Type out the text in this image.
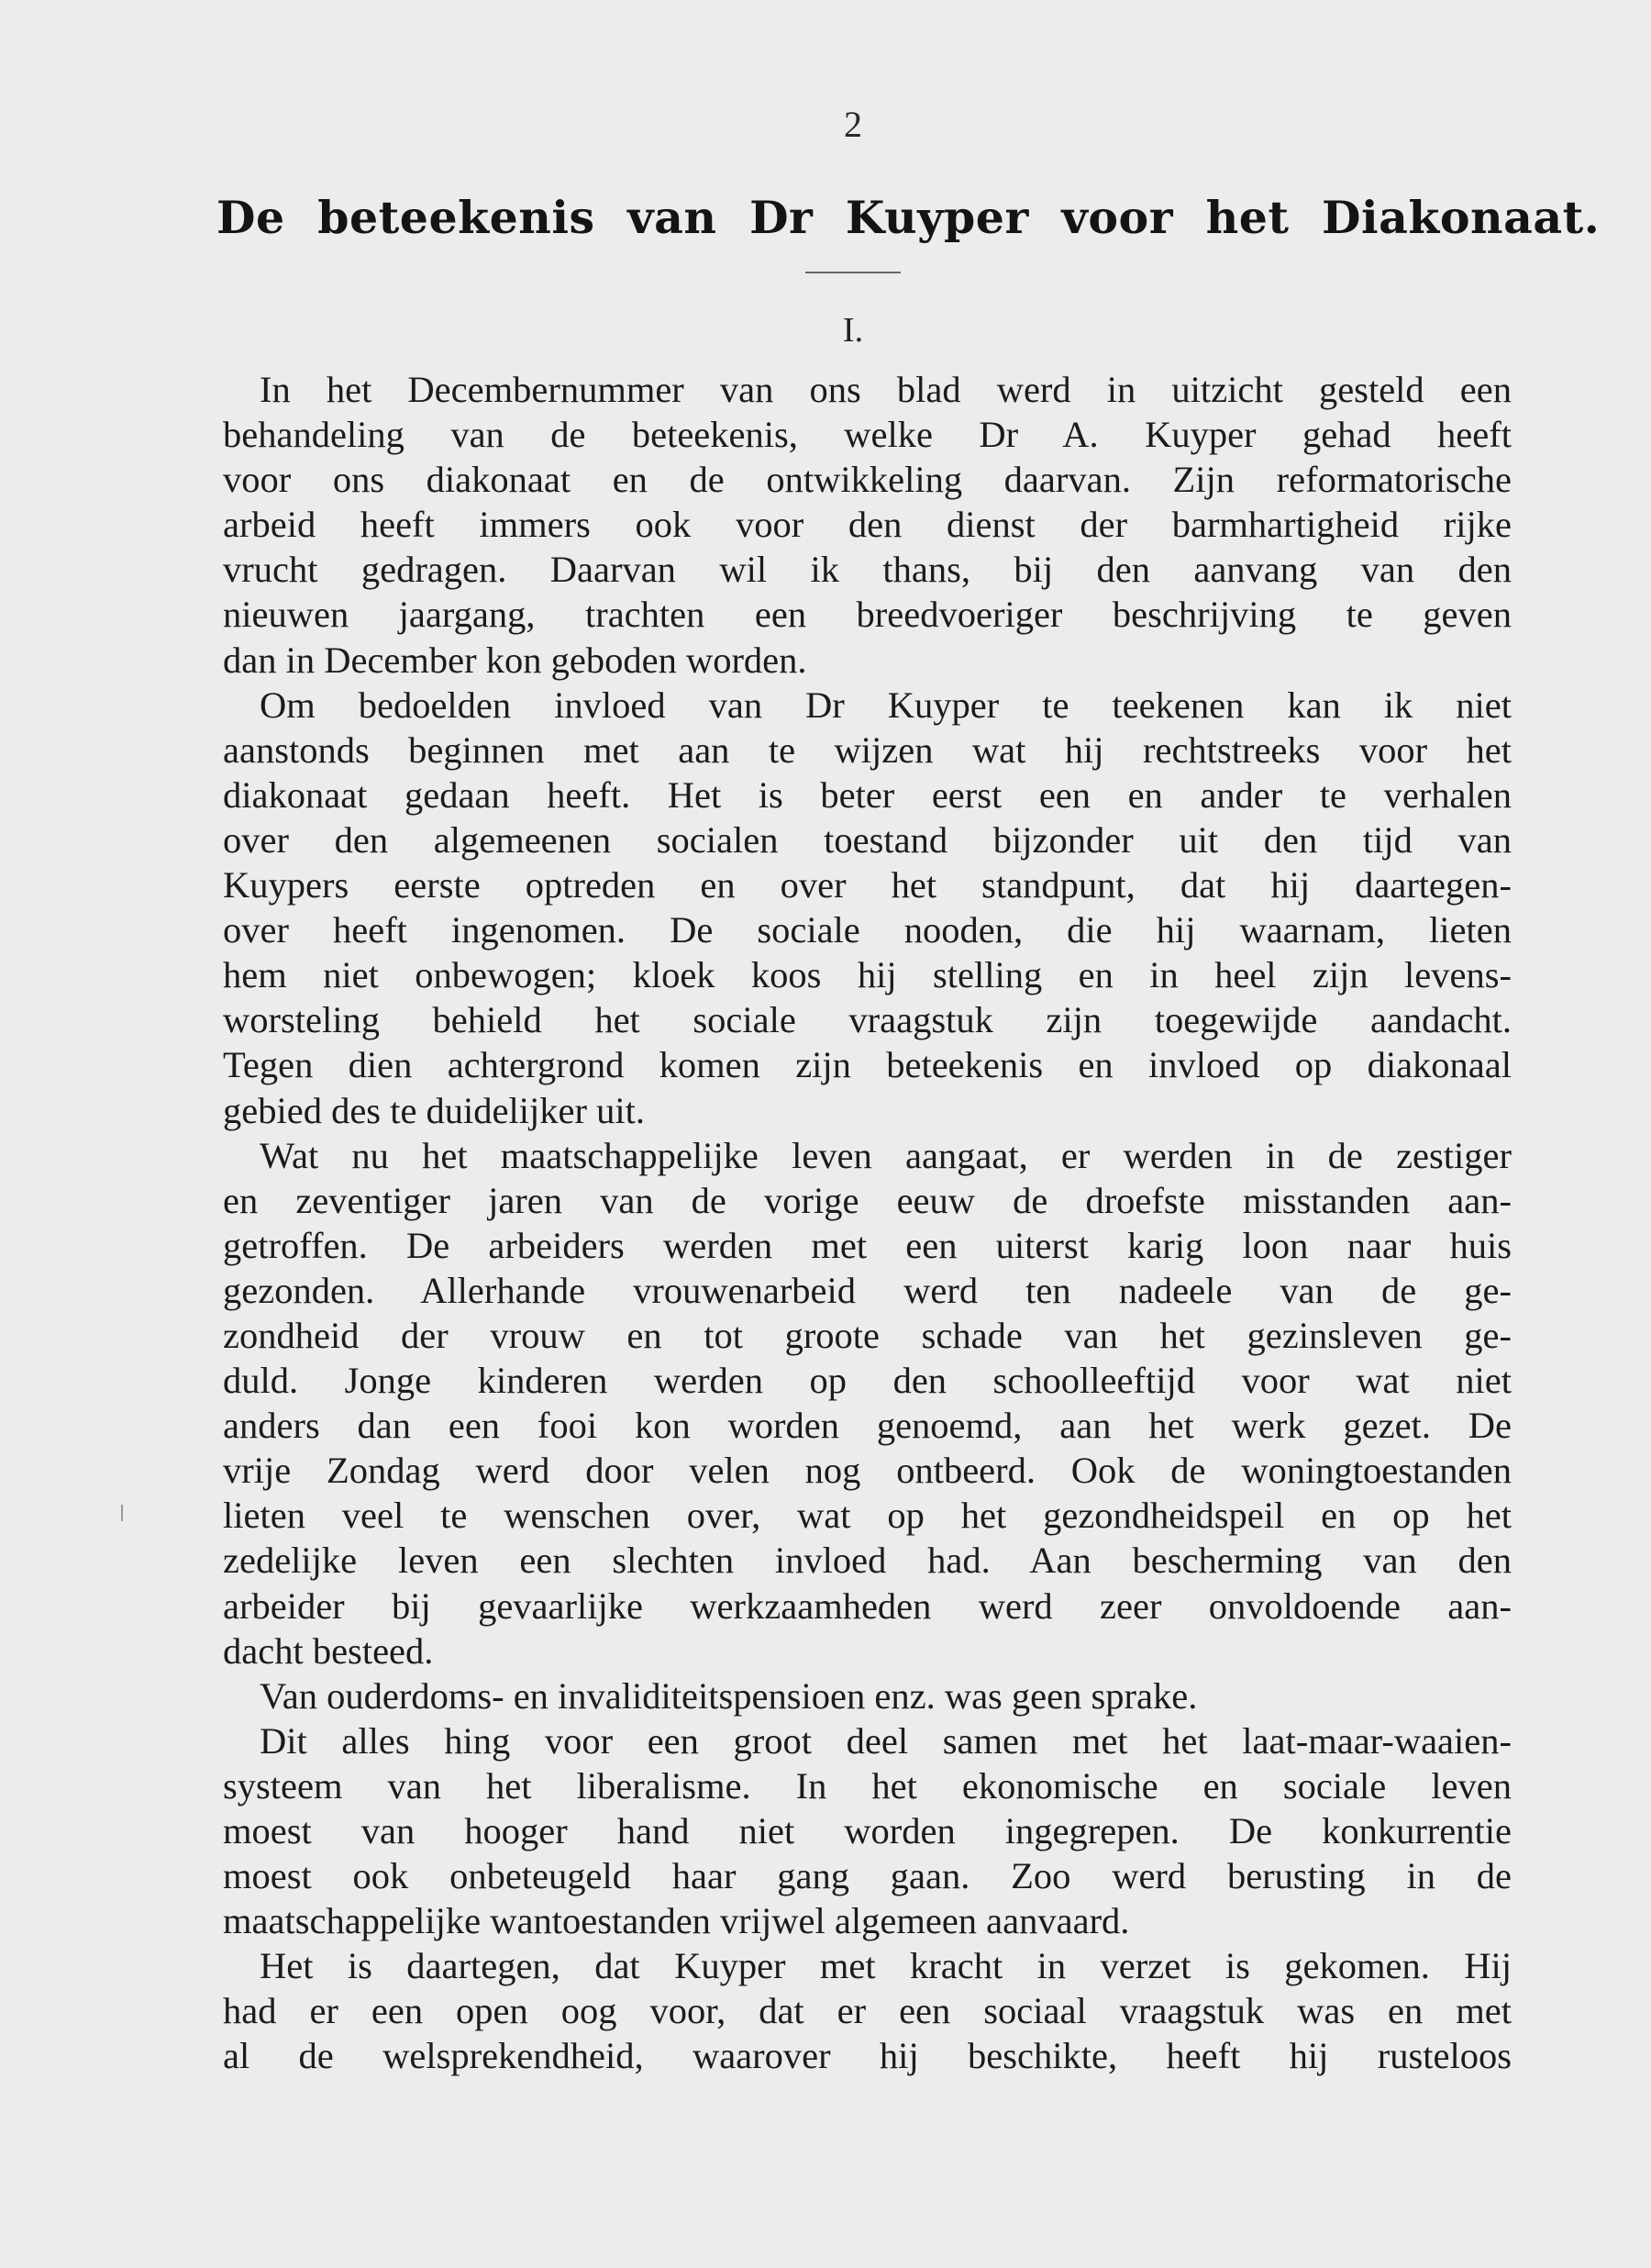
2
De beteekenis van Dr Kuyper voor het Diakonaat.
I.
In het Decembernummer van ons blad werd in uitzicht gesteld een
behandeling van de beteekenis, welke Dr A. Kuyper gehad heeft
voor ons diakonaat en de ontwikkeling daarvan. Zijn reformatorische
arbeid heeft immers ook voor den dienst der barmhartigheid rijke
vrucht gedragen. Daarvan wil ik thans, bij den aanvang van den
nieuwen jaargang, trachten een breedvoeriger beschrijving te geven
dan in December kon geboden worden.
Om bedoelden invloed van Dr Kuyper te teekenen kan ik niet
aanstonds beginnen met aan te wijzen wat hij rechtstreeks voor het
diakonaat gedaan heeft. Het is beter eerst een en ander te verhalen
over den algemeenen socialen toestand bijzonder uit den tijd van
Kuypers eerste optreden en over het standpunt, dat hij daartegen-
over heeft ingenomen. De sociale nooden, die hij waarnam, lieten
hem niet onbewogen; kloek koos hij stelling en in heel zijn levens-
worsteling behield het sociale vraagstuk zijn toegewijde aandacht.
Tegen dien achtergrond komen zijn beteekenis en invloed op diakonaal
gebied des te duidelijker uit.
Wat nu het maatschappelijke leven aangaat, er werden in de zestiger
en zeventiger jaren van de vorige eeuw de droefste misstanden aan-
getroffen. De arbeiders werden met een uiterst karig loon naar huis
gezonden. Allerhande vrouwenarbeid werd ten nadeele van de ge-
zondheid der vrouw en tot groote schade van het gezinsleven ge-
duld. Jonge kinderen werden op den schoolleeftijd voor wat niet
anders dan een fooi kon worden genoemd, aan het werk gezet. De
vrije Zondag werd door velen nog ontbeerd. Ook de woningtoestanden
lieten veel te wenschen over, wat op het gezondheidspeil en op het
zedelijke leven een slechten invloed had. Aan bescherming van den
arbeider bij gevaarlijke werkzaamheden werd zeer onvoldoende aan-
dacht besteed.
Van ouderdoms- en invaliditeitspensioen enz. was geen sprake.
Dit alles hing voor een groot deel samen met het laat-maar-waaien-
systeem van het liberalisme. In het ekonomische en sociale leven
moest van hooger hand niet worden ingegrepen. De konkurrentie
moest ook onbeteugeld haar gang gaan. Zoo werd berusting in de
maatschappelijke wantoestanden vrijwel algemeen aanvaard.
Het is daartegen, dat Kuyper met kracht in verzet is gekomen. Hij
had er een open oog voor, dat er een sociaal vraagstuk was en met
al de welsprekendheid, waarover hij beschikte, heeft hij rusteloos
